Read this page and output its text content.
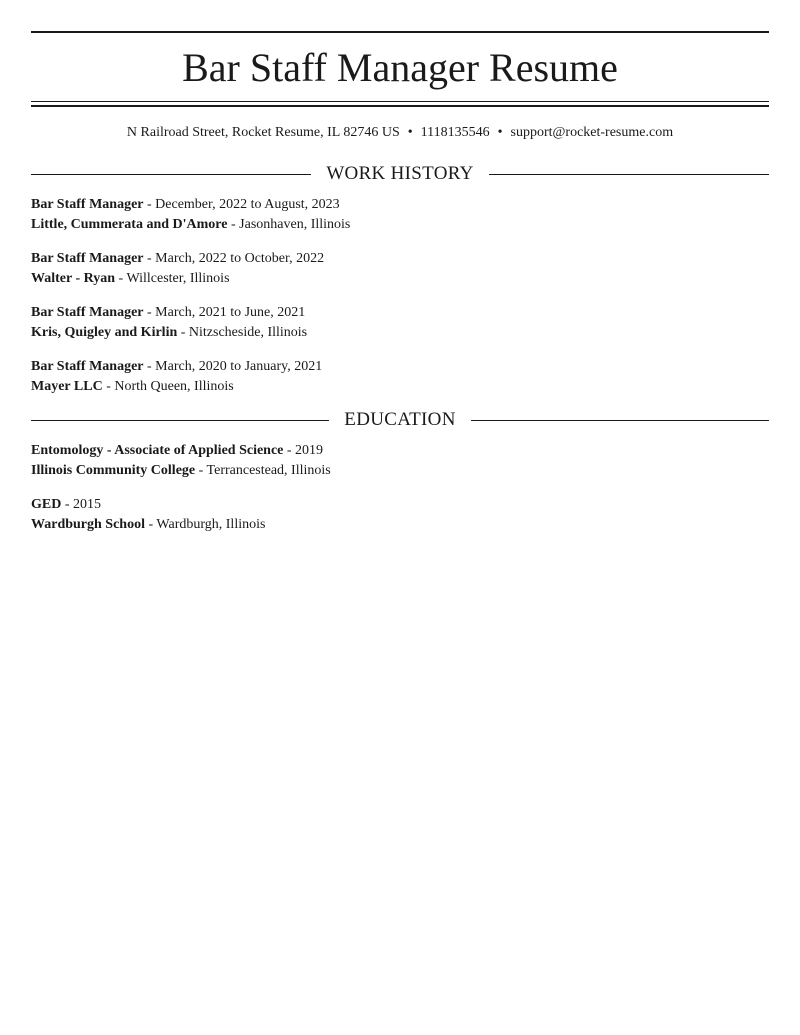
Bar Staff Manager Resume
N Railroad Street, Rocket Resume, IL 82746 US • 1118135546 • support@rocket-resume.com
WORK HISTORY
Bar Staff Manager - December, 2022 to August, 2023
Little, Cummerata and D'Amore - Jasonhaven, Illinois
Bar Staff Manager - March, 2022 to October, 2022
Walter - Ryan - Willcester, Illinois
Bar Staff Manager - March, 2021 to June, 2021
Kris, Quigley and Kirlin - Nitzscheside, Illinois
Bar Staff Manager - March, 2020 to January, 2021
Mayer LLC - North Queen, Illinois
EDUCATION
Entomology - Associate of Applied Science - 2019
Illinois Community College - Terrancestead, Illinois
GED - 2015
Wardburgh School - Wardburgh, Illinois
